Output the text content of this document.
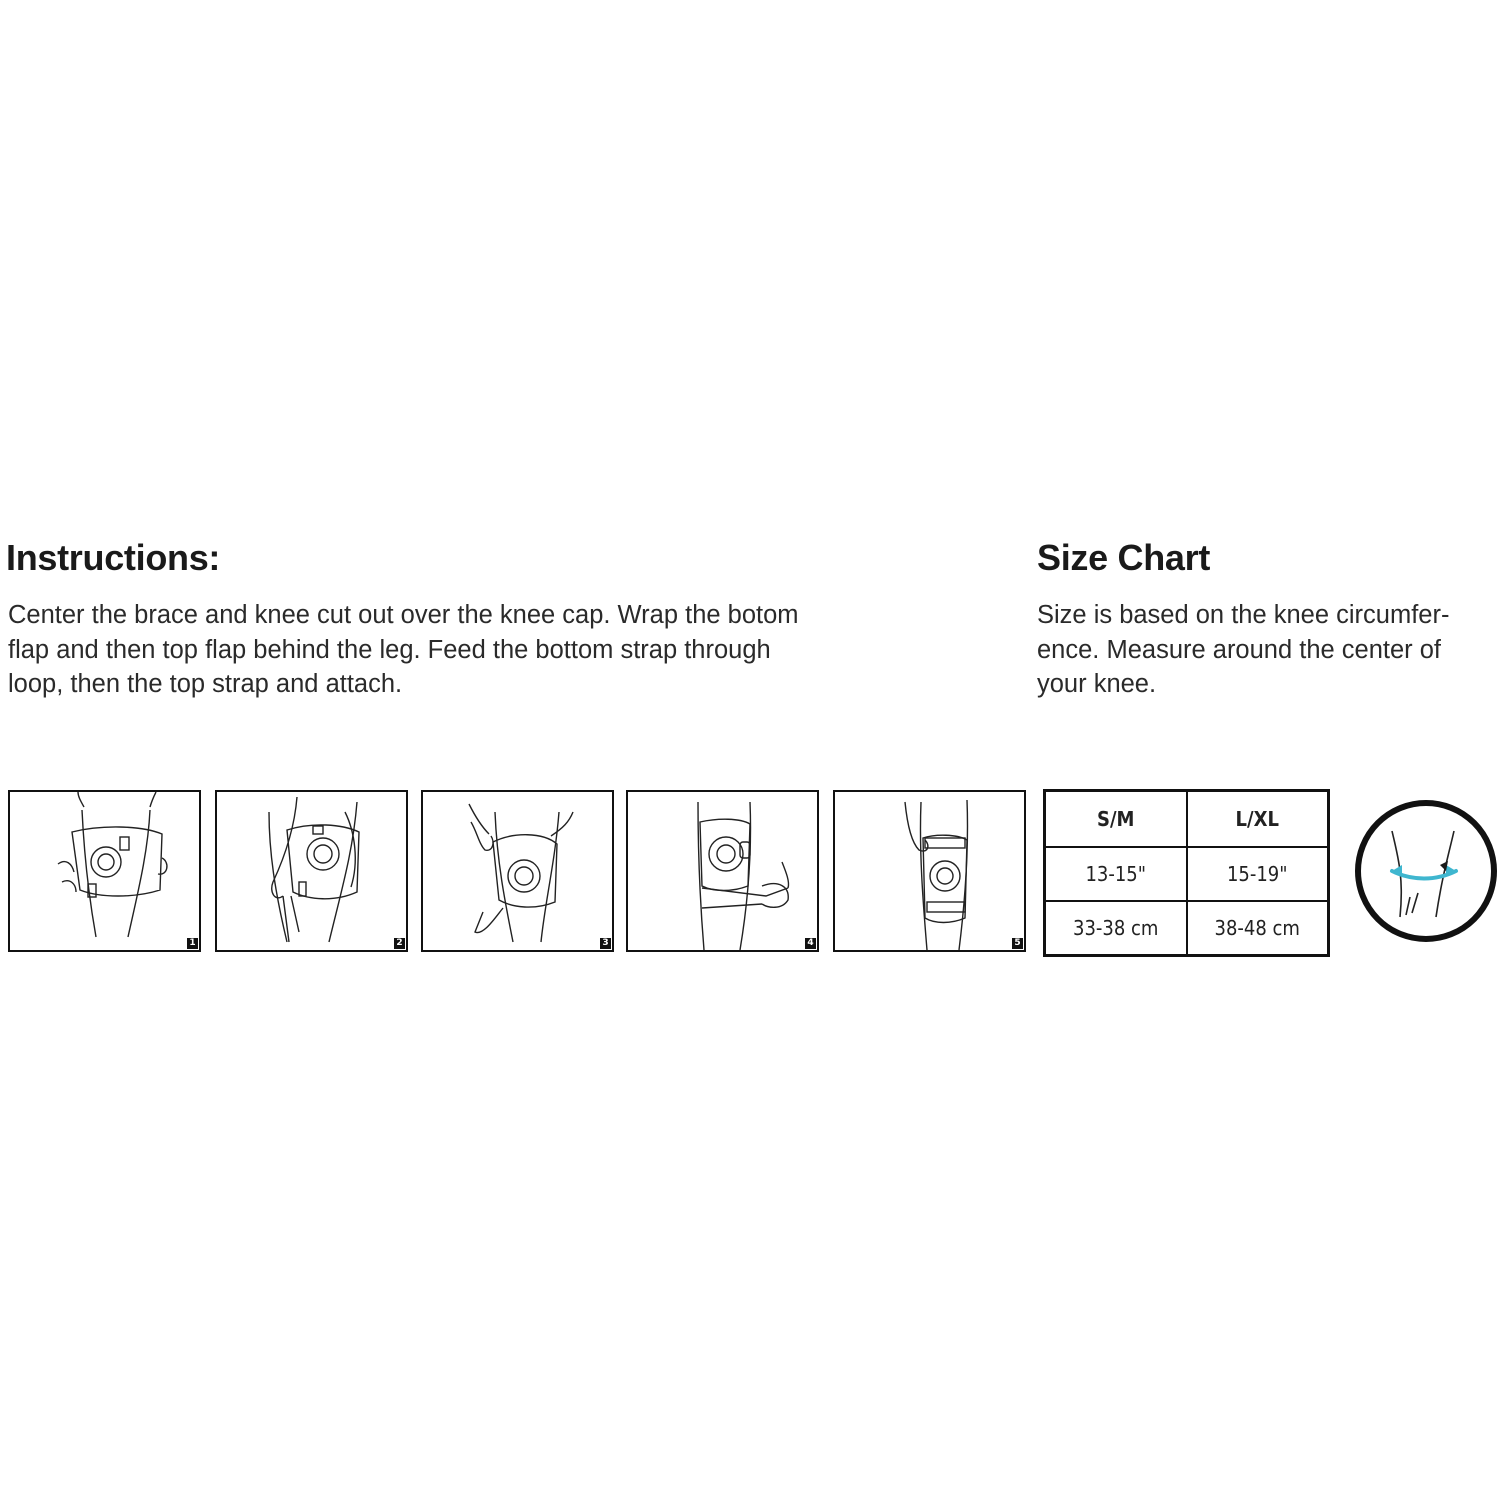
Instructions:

Center the brace and knee cut out over the knee cap. Wrap the botom
flap and then top flap behind the leg. Feed the bottom strap through
loop, then the top strap and attach.

Size Chart

Size is based on the knee circumfer-
ence. Measure around the center of
your knee.

1	2	3	4	5
S/M	L/XL
13-15"	15-19"
33-38 cm	38-48 cm
